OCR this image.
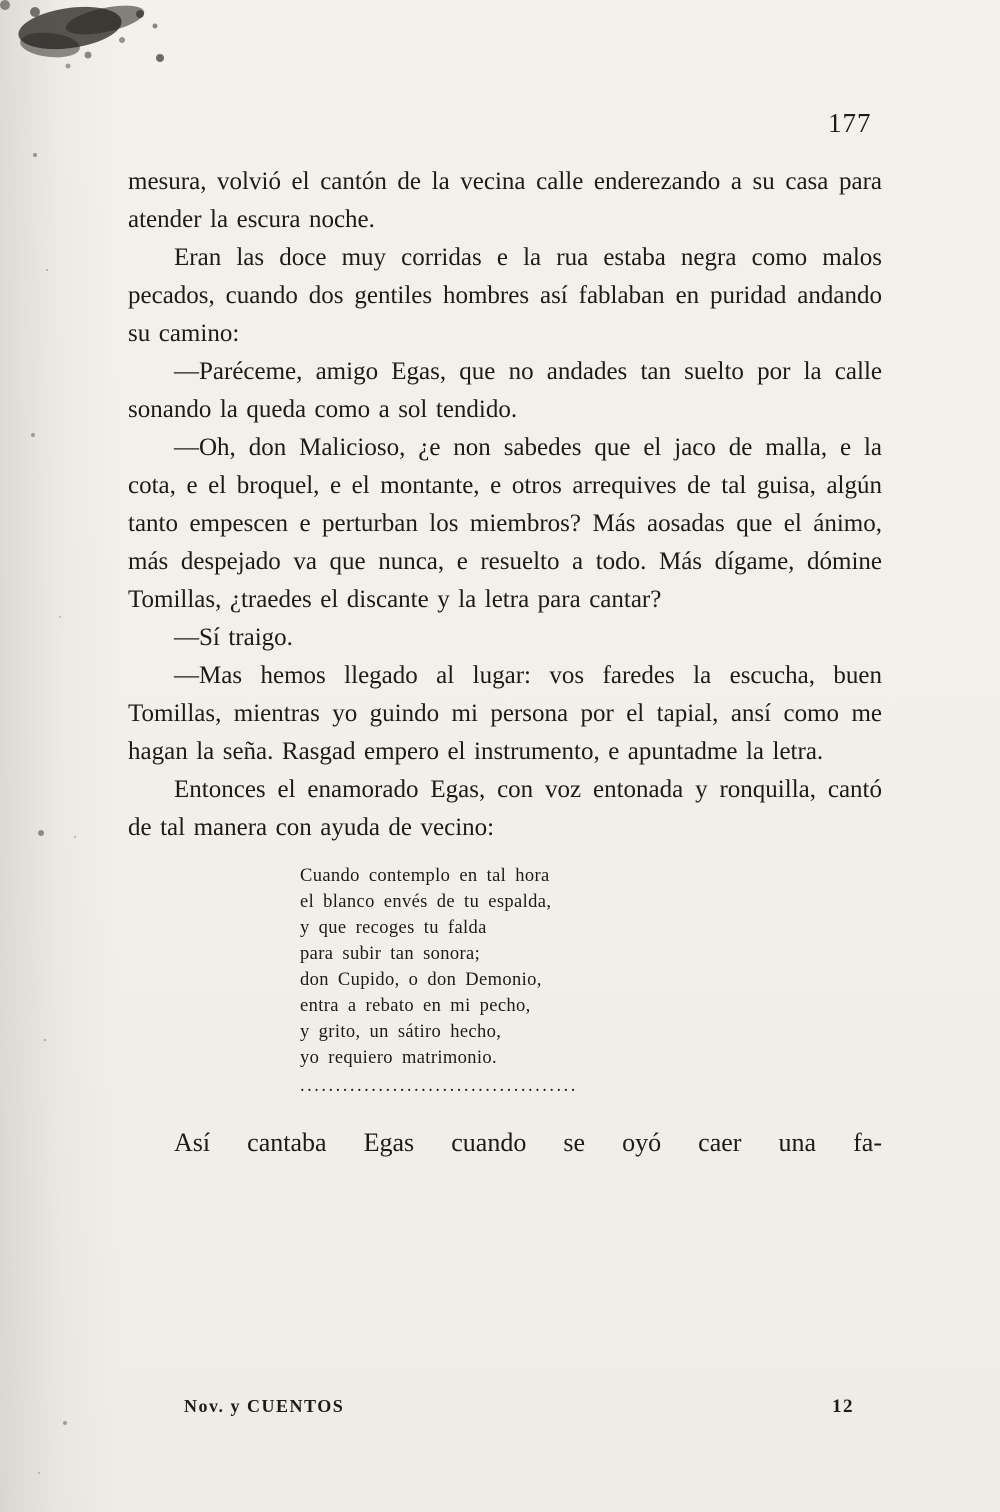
177

mesura, volvió el cantón de la vecina calle enderezando a su casa para atender la escura noche.

Eran las doce muy corridas e la rua estaba negra como malos pecados, cuando dos gentiles hombres así fablaban en puridad andando su camino:

—Paréceme, amigo Egas, que no andades tan suelto por la calle sonando la queda como a sol tendido.

—Oh, don Malicioso, ¿e non sabedes que el jaco de malla, e la cota, e el broquel, e el montante, e otros arrequives de tal guisa, algún tanto empescen e perturban los miembros? Más aosadas que el ánimo, más despejado va que nunca, e resuelto a todo. Más dígame, dómine Tomillas, ¿traedes el discante y la letra para cantar?

—Sí traigo.

—Mas hemos llegado al lugar: vos faredes la escucha, buen Tomillas, mientras yo guindo mi persona por el tapial, ansí como me hagan la seña. Rasgad empero el instrumento, e apuntadme la letra.

Entonces el enamorado Egas, con voz entonada y ronquilla, cantó de tal manera con ayuda de vecino:

Cuando contemplo en tal hora
el blanco envés de tu espalda,
y que recoges tu falda
para subir tan sonora;
don Cupido, o don Demonio,
entra a rebato en mi pecho,
y grito, un sátiro hecho,
yo requiero matrimonio.
.......................................

Así cantaba Egas cuando se oyó caer una fa-

Nov. y CUENTOS	12
